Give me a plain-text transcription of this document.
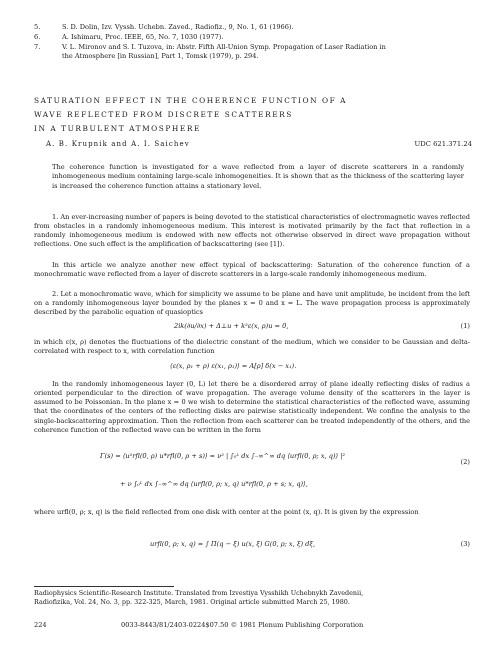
5.	S. D. Dolin, Izv. Vyssh. Uchebn. Zaved., Radiofiz., 9, No. 1, 61 (1966).
6.	A. Ishimaru, Proc. IEEE, 65, No. 7, 1030 (1977).
7.	V. L. Mironov and S. I. Tuzova, in: Abstr. Fifth All-Union Symp. Propagation of Laser Radiation in
the Atmosphere [in Russian], Part 1, Tomsk (1979), p. 294.
SATURATION EFFECT IN THE COHERENCE FUNCTION OF A
WAVE REFLECTED FROM DISCRETE SCATTERERS
IN A TURBULENT ATMOSPHERE
A. B. Krupnik and A. I. Saichev	UDC 621.371.24
The coherence function is investigated for a wave reflected from a layer of discrete scatterers in a randomly inhomogeneous medium containing large-scale inhomogeneities. It is shown that as the thickness of the scattering layer is increased the coherence function attains a stationary level.
1. An ever-increasing number of papers is being devoted to the statistical characteristics of electromagnetic waves reflected from obstacles in a randomly inhomogeneous medium. This interest is motivated primarily by the fact that reflection in a randomly inhomogeneous medium is endowed with new effects not otherwise observed in direct wave propagation without reflections. One such effect is the amplification of backscattering (see [1]).
In this article we analyze another new effect typical of backscattering: Saturation of the coherence function of a monochromatic wave reflected from a layer of discrete scatterers in a large-scale randomly inhomogeneous medium.
2. Let a monochromatic wave, which for simplicity we assume to be plane and have unit amplitude, be incident from the left on a randomly inhomogeneous layer bounded by the planes x = 0 and x = L. The wave propagation process is approximately described by the parabolic equation of quasioptics
2ik(∂u/∂x) + Δ⊥u + k²ε(x, ρ)u = 0,	(1)
in which ε(x, ρ) denotes the fluctuations of the dielectric constant of the medium, which we consider to be Gaussian and delta-correlated with respect to x, with correlation function
⟨ε(x, ρ₁ + ρ) ε(x₁, ρ₁)⟩ = A[ρ] δ(x − x₁).
In the randomly inhomogeneous layer (0, L) let there be a disordered array of plane ideally reflecting disks of radius a oriented perpendicular to the direction of wave propagation. The average volume density of the scatterers in the layer is assumed to be Poissonian. In the plane x = 0 we wish to determine the statistical characteristics of the reflected wave, assuming that the coordinates of the centers of the reflecting disks are pairwise statistically independent. We confine the analysis to the single-backscattering approximation. Then the reflection from each scatterer can be treated independently of the others, and the coherence function of the reflected wave can be written in the form
Γ(s) = ⟨u²rfl(0, ρ) u*rfl(0, ρ + s)⟩ = ν² | ∫₀ᴸ dx ∫₋∞^∞ dq ⟨urfl(0, ρ; x, q)⟩ |²
(2)
+ ν ∫₀ᴸ dx ∫₋∞^∞ dq ⟨urfl(0, ρ; x, q) u*rfl(0, ρ + s; x, q)⟩,
where urfl(0, ρ; x, q) is the field reflected from one disk with center at the point (x, q). It is given by the expression
urfl(0, ρ; x, q) = ∫ Π(q − ξ) u(x, ξ) G(0, ρ; x, ξ) dξ,	(3)
Radiophysics Scientific-Research Institute. Translated from Izvestiya Vysshikh Uchebnykh Zavedenii,
Radiofizika, Vol. 24, No. 3, pp. 322-325, March, 1981. Original article submitted March 25, 1980.
224	0033-8443/81/2403-0224$07.50 © 1981 Plenum Publishing Corporation
